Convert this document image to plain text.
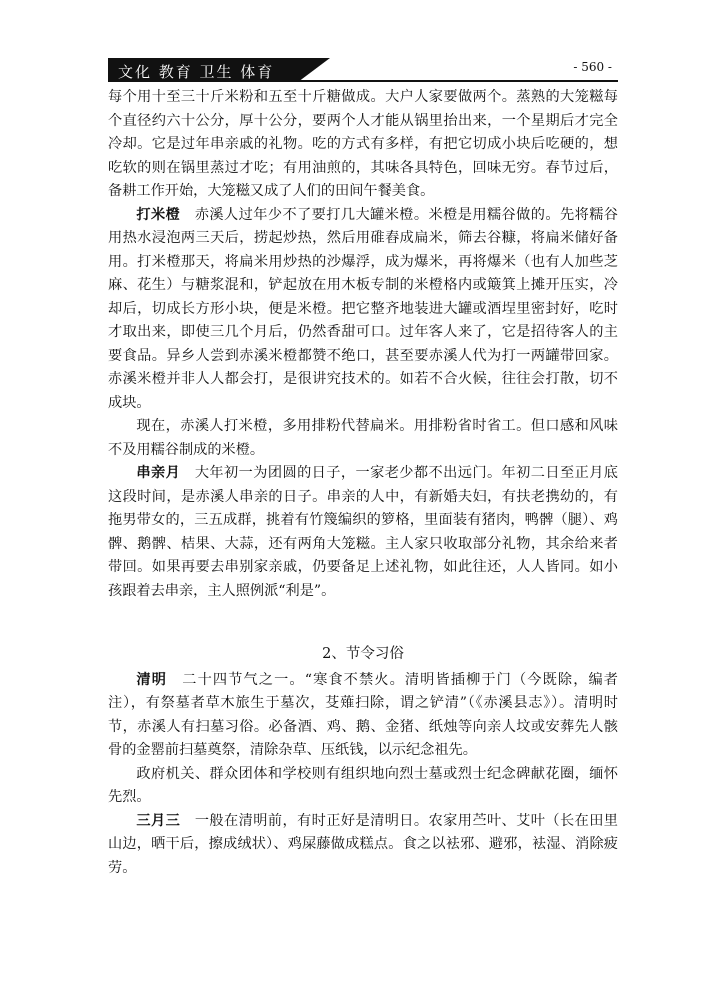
文化 教育 卫生 体育	- 560 -

每个用十至三十斤米粉和五至十斤糖做成。大户人家要做两个。蒸熟的大笼糍每个直径约六十公分，厚十公分，要两个人才能从锅里抬出来，一个星期后才完全冷却。它是过年串亲戚的礼物。吃的方式有多样，有把它切成小块后吃硬的，想吃软的则在锅里蒸过才吃；有用油煎的，其味各具特色，回味无穷。春节过后，备耕工作开始，大笼糍又成了人们的田间午餐美食。

打米橙　赤溪人过年少不了要打几大罐米橙。米橙是用糯谷做的。先将糯谷用热水浸泡两三天后，捞起炒热，然后用碓舂成扁米，筛去谷糠，将扁米储好备用。打米橙那天，将扁米用炒热的沙爆浮，成为爆米，再将爆米（也有人加些芝麻、花生）与糖浆混和，铲起放在用木板专制的米橙格内或簸箕上摊开压实，冷却后，切成长方形小块，便是米橙。把它整齐地装进大罐或酒埕里密封好，吃时才取出来，即使三几个月后，仍然香甜可口。过年客人来了，它是招待客人的主要食品。异乡人尝到赤溪米橙都赞不绝口，甚至要赤溪人代为打一两罐带回家。赤溪米橙并非人人都会打，是很讲究技术的。如若不合火候，往往会打散，切不成块。

现在，赤溪人打米橙，多用排粉代替扁米。用排粉省时省工。但口感和风味不及用糯谷制成的米橙。

串亲月　大年初一为团圆的日子，一家老少都不出远门。年初二日至正月底这段时间，是赤溪人串亲的日子。串亲的人中，有新婚夫妇，有扶老携幼的，有拖男带女的，三五成群，挑着有竹篾编织的箩格，里面装有猪肉，鸭髀（腿）、鸡髀、鹅髀、桔果、大蒜，还有两角大笼糍。主人家只收取部分礼物，其余给来者带回。如果再要去串别家亲戚，仍要备足上述礼物，如此往还，人人皆同。如小孩跟着去串亲，主人照例派“利是”。

2、节令习俗

清明　二十四节气之一。“寒食不禁火。清明皆插柳于门（今既除，编者注），有祭墓者草木旅生于墓次，芟薙扫除，谓之铲清”（《赤溪县志》）。清明时节，赤溪人有扫墓习俗。必备酒、鸡、鹅、金猪、纸烛等向亲人坟或安葬先人骸骨的金罂前扫墓奠祭，清除杂草、压纸钱，以示纪念祖先。

政府机关、群众团体和学校则有组织地向烈士墓或烈士纪念碑献花圈，缅怀先烈。

三月三　一般在清明前，有时正好是清明日。农家用苎叶、艾叶（长在田里山边，晒干后，擦成绒状）、鸡屎藤做成糕点。食之以袪邪、避邪，袪湿、消除疲劳。
